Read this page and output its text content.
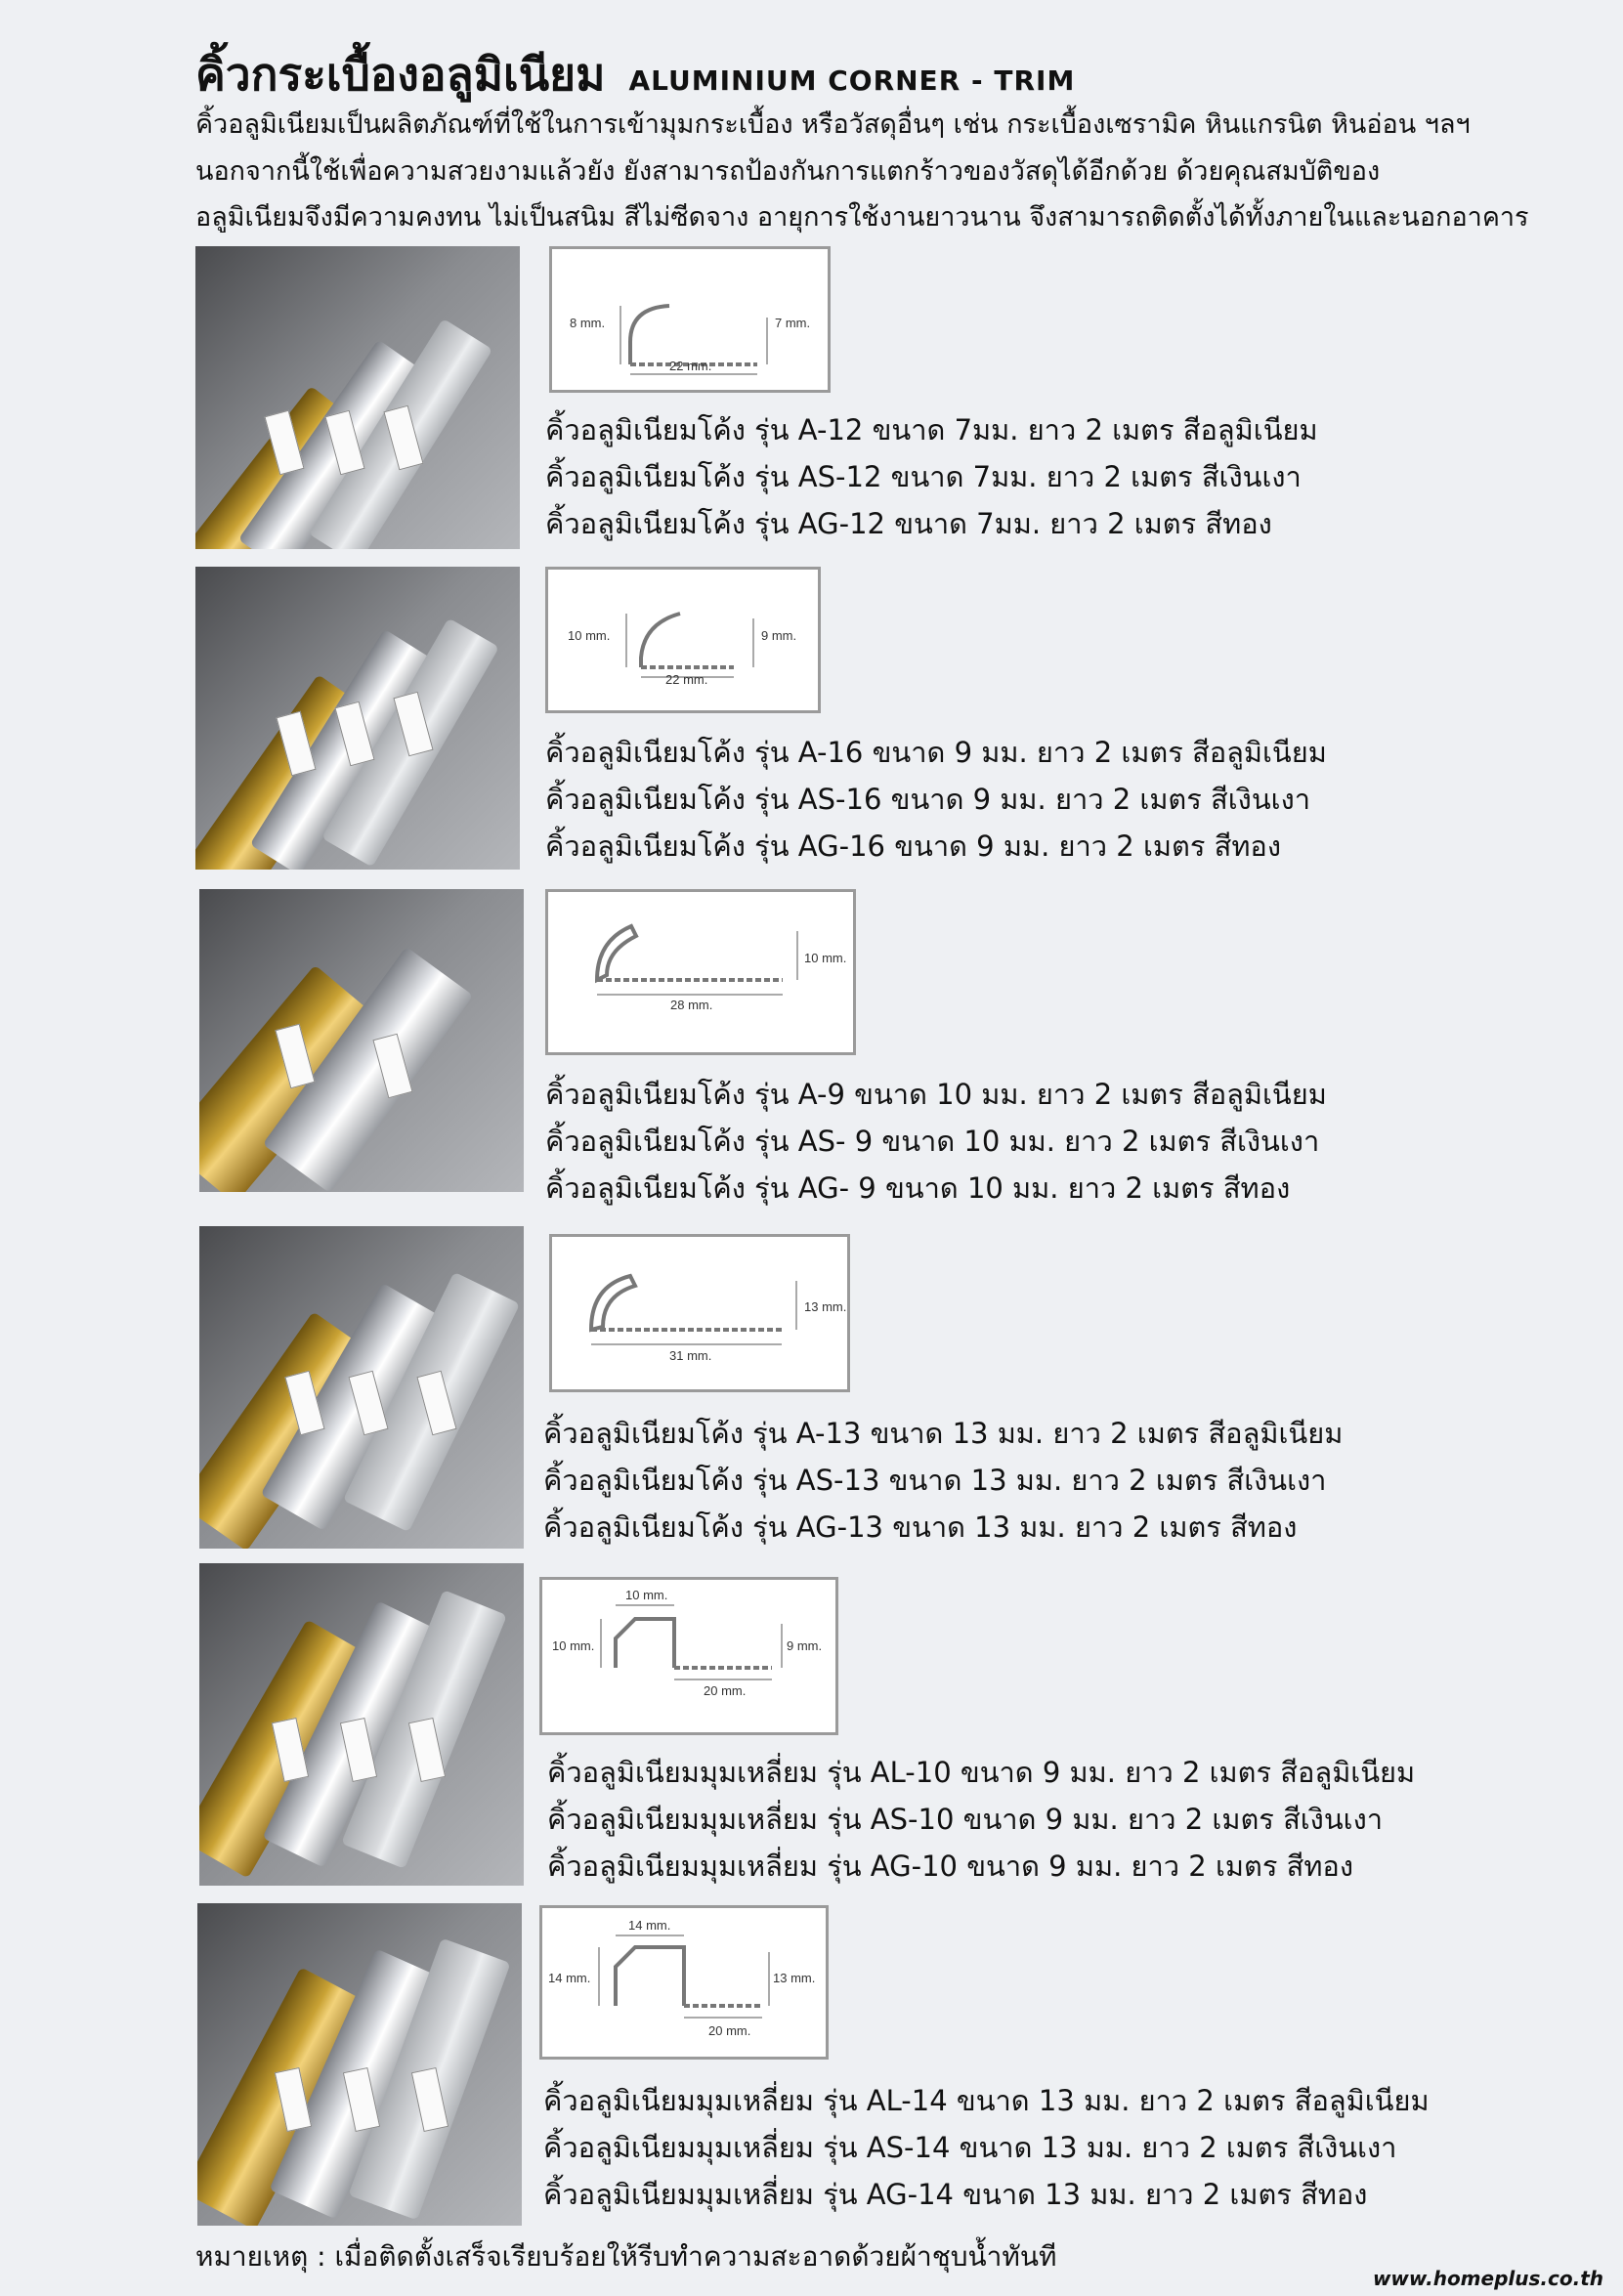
คิ้วกระเบื้องอลูมิเนียม ALUMINIUM CORNER - TRIM
คิ้วอลูมิเนียมเป็นผลิตภัณฑ์ที่ใช้ในการเข้ามุมกระเบื้อง หรือวัสดุอื่นๆ เช่น กระเบื้องเซรามิค หินแกรนิต หินอ่อน ฯลฯ
นอกจากนี้ใช้เพื่อความสวยงามแล้วยัง ยังสามารถป้องกันการแตกร้าวของวัสดุได้อีกด้วย ด้วยคุณสมบัติของ
อลูมิเนียมจึงมีความคงทน ไม่เป็นสนิม สีไม่ซีดจาง อายุการใช้งานยาวนาน จึงสามารถติดตั้งได้ทั้งภายในและนอกอาคาร
8 mm.	7 mm.
22 mm.
คิ้วอลูมิเนียมโค้ง รุ่น A-12 ขนาด 7มม. ยาว 2 เมตร สีอลูมิเนียม
คิ้วอลูมิเนียมโค้ง รุ่น AS-12 ขนาด 7มม. ยาว 2 เมตร สีเงินเงา
คิ้วอลูมิเนียมโค้ง รุ่น AG-12 ขนาด 7มม. ยาว 2 เมตร สีทอง
10 mm.	9 mm.
22 mm.
คิ้วอลูมิเนียมโค้ง รุ่น A-16 ขนาด 9 มม. ยาว 2 เมตร สีอลูมิเนียม
คิ้วอลูมิเนียมโค้ง รุ่น AS-16 ขนาด 9 มม. ยาว 2 เมตร สีเงินเงา
คิ้วอลูมิเนียมโค้ง รุ่น AG-16 ขนาด 9 มม. ยาว 2 เมตร สีทอง
10 mm.
28 mm.
คิ้วอลูมิเนียมโค้ง รุ่น A-9 ขนาด 10 มม. ยาว 2 เมตร สีอลูมิเนียม
คิ้วอลูมิเนียมโค้ง รุ่น AS- 9 ขนาด 10 มม. ยาว 2 เมตร สีเงินเงา
คิ้วอลูมิเนียมโค้ง รุ่น AG- 9 ขนาด 10 มม. ยาว 2 เมตร สีทอง
13 mm.
31 mm.
คิ้วอลูมิเนียมโค้ง รุ่น A-13 ขนาด 13 มม. ยาว 2 เมตร สีอลูมิเนียม
คิ้วอลูมิเนียมโค้ง รุ่น AS-13 ขนาด 13 มม. ยาว 2 เมตร สีเงินเงา
คิ้วอลูมิเนียมโค้ง รุ่น AG-13 ขนาด 13 มม. ยาว 2 เมตร สีทอง
10 mm.
10 mm.	9 mm.
20 mm.
คิ้วอลูมิเนียมมุมเหลี่ยม รุ่น AL-10 ขนาด 9 มม. ยาว 2 เมตร สีอลูมิเนียม
คิ้วอลูมิเนียมมุมเหลี่ยม รุ่น AS-10 ขนาด 9 มม. ยาว 2 เมตร สีเงินเงา
คิ้วอลูมิเนียมมุมเหลี่ยม รุ่น AG-10 ขนาด 9 มม. ยาว 2 เมตร สีทอง
14 mm.
14 mm.	13 mm.
20 mm.
คิ้วอลูมิเนียมมุมเหลี่ยม รุ่น AL-14 ขนาด 13 มม. ยาว 2 เมตร สีอลูมิเนียม
คิ้วอลูมิเนียมมุมเหลี่ยม รุ่น AS-14 ขนาด 13 มม. ยาว 2 เมตร สีเงินเงา
คิ้วอลูมิเนียมมุมเหลี่ยม รุ่น AG-14 ขนาด 13 มม. ยาว 2 เมตร สีทอง
หมายเหตุ : เมื่อติดตั้งเสร็จเรียบร้อยให้รีบทำความสะอาดด้วยผ้าชุบน้ำทันที
www.homeplus.co.th
